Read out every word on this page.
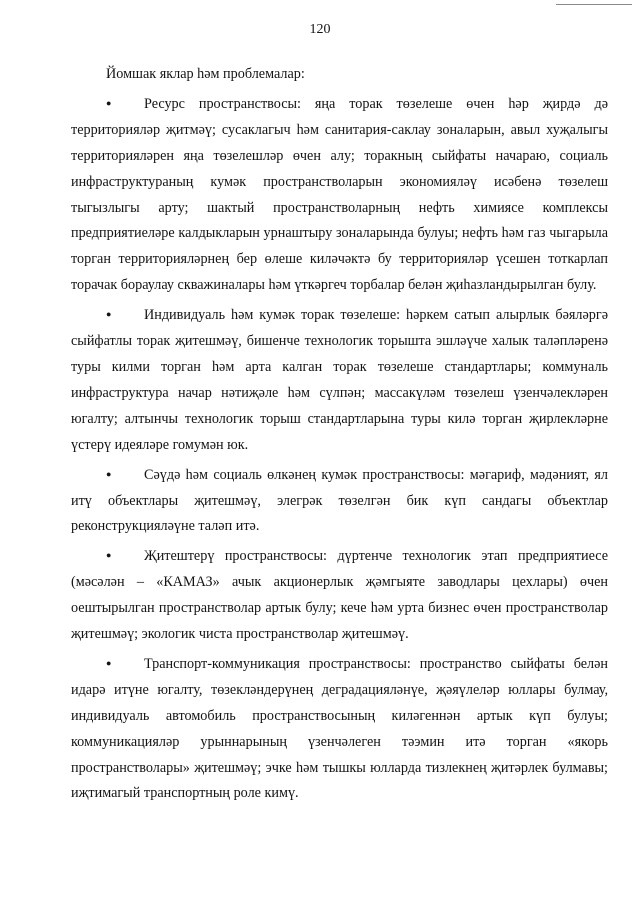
120

Йомшак яклар һәм проблемалар:

● Ресурс пространствосы: яңа торак төзелеше өчен һәр җирдә дә территорияләр җитмәү; сусаклагыч һәм санитария-саклау зоналарын, авыл хуҗалыгы территорияләрен яңа төзелешләр өчен алу; торакның сыйфаты начараю, социаль инфраструктураның кумәк пространстволарын экономияләү исәбенә төзелеш тыгызлыгы арту; шактый пространстволарның нефть химиясе комплексы предприятиеләре калдыкларын урнаштыру зоналарында булуы; нефть һәм газ чыгарыла торган территорияләрнең бер өлеше киләчәктә бу территорияләр үсешен тоткарлап торачак бораулау скважиналары һәм үткәргеч торбалар белән җиһазландырылган булу.

● Индивидуаль һәм кумәк торак төзелеше: һәркем сатып алырлык бәяләргә сыйфатлы торак җитешмәү, бишенче технологик торышта эшләүче халык таләпләренә туры килми торган һәм арта калган торак төзелеше стандартлары; коммуналь инфраструктура начар нәтиҗәле һәм сүлпән; массакүләм төзелеш үзенчәлекләрен югалту; алтынчы технологик торыш стандартларына туры килә торган җирлекләрне үстерү идеяләре гомумән юк.

● Сәүдә һәм социаль өлкәнең кумәк пространствосы: мәгариф, мәдәният, ял итү объектлары җитешмәү, элегрәк төзелгән бик күп сандагы объектлар реконструкцияләүне таләп итә.

● Җитештерү пространствосы: дүртенче технологик этап предприятиесе (мәсәлән – «КАМАЗ» ачык акционерлык җәмгыяте заводлары цехлары) өчен оештырылган пространстволар артык булу; кече һәм урта бизнес өчен пространстволар җитешмәү; экологик чиста пространстволар җитешмәү.

● Транспорт-коммуникация пространствосы: пространство сыйфаты белән идарә итүне югалту, төзекләндерүнең деградацияләнүе, җәяүлеләр юллары булмау, индивидуаль автомобиль пространствосының киләгеннән артык күп булуы; коммуникацияләр урыннарының үзенчәлеген тәэмин итә торган «якорь пространстволары» җитешмәү; эчке һәм тышкы юлларда тизлекнең җитәрлек булмавы; иҗтимагый транспортның роле кимү.
